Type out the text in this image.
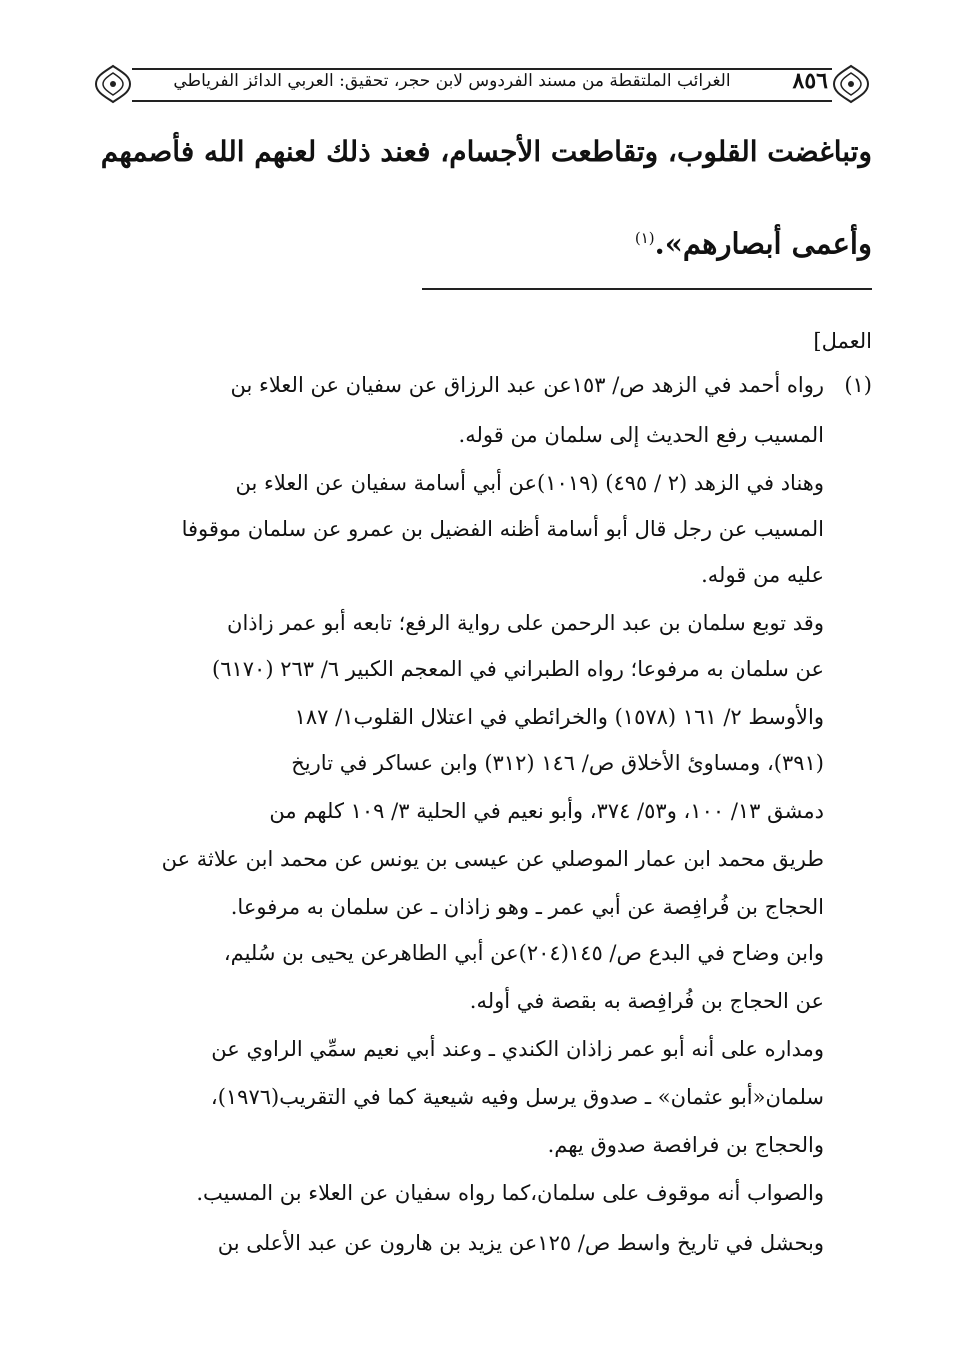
٨٥٦
الغرائب الملتقطة من مسند الفردوس لابن حجر، تحقيق: العربي الدائز الفرياطي
وتباغضت القلوب، وتقاطعت الأجسام، فعند ذلك لعنهم الله فأصمهم
وأعمى أبصارهم».$^{(١)}$
العمل]
(١)
رواه أحمد في الزهد ص/ ١٥٣عن عبد الرزاق عن سفيان عن العلاء بن
المسيب رفع الحديث إلى سلمان من قوله.
وهناد في الزهد (٢ / ٤٩٥) (١٠١٩)عن أبي أسامة سفيان عن العلاء بن
المسيب عن رجل قال أبو أسامة أظنه الفضيل بن عمرو عن سلمان موقوفا
عليه من قوله.
وقد توبع سلمان بن عبد الرحمن على رواية الرفع؛ تابعه أبو عمر زاذان
عن سلمان به مرفوعا؛ رواه الطبراني في المعجم الكبير ٦/ ٢٦٣ (٦١٧٠)
والأوسط ٢/ ١٦١ (١٥٧٨) والخرائطي في اعتلال القلوب١/ ١٨٧
(٣٩١)، ومساوئ الأخلاق ص/ ١٤٦ (٣١٢) وابن عساكر في تاريخ
دمشق ١٣/ ١٠٠، و٥٣/ ٣٧٤، وأبو نعيم في الحلية ٣/ ١٠٩ كلهم من
طريق محمد ابن عمار الموصلي عن عيسى بن يونس عن محمد ابن علاثة عن
الحجاج بن فُرافِصة عن أبي عمر ـ وهو زاذان ـ عن سلمان به مرفوعا.
وابن وضاح في البدع ص/ ١٤٥(٢٠٤)عن أبي الطاهرعن يحيى بن سُليم،
عن الحجاج بن فُرافِصة به بقصة في أوله.
ومداره على أنه أبو عمر زاذان الكندي ـ وعند أبي نعيم سمِّي الراوي عن
سلمان«أبو عثمان» ـ صدوق يرسل وفيه شيعية كما في التقريب(١٩٧٦)،
والحجاج بن فرافصة صدوق يهم.
والصواب أنه موقوف على سلمان،كما رواه سفيان عن العلاء بن المسيب.
وبحشل في تاريخ واسط ص/ ١٢٥عن يزيد بن هارون عن عبد الأعلى بن
